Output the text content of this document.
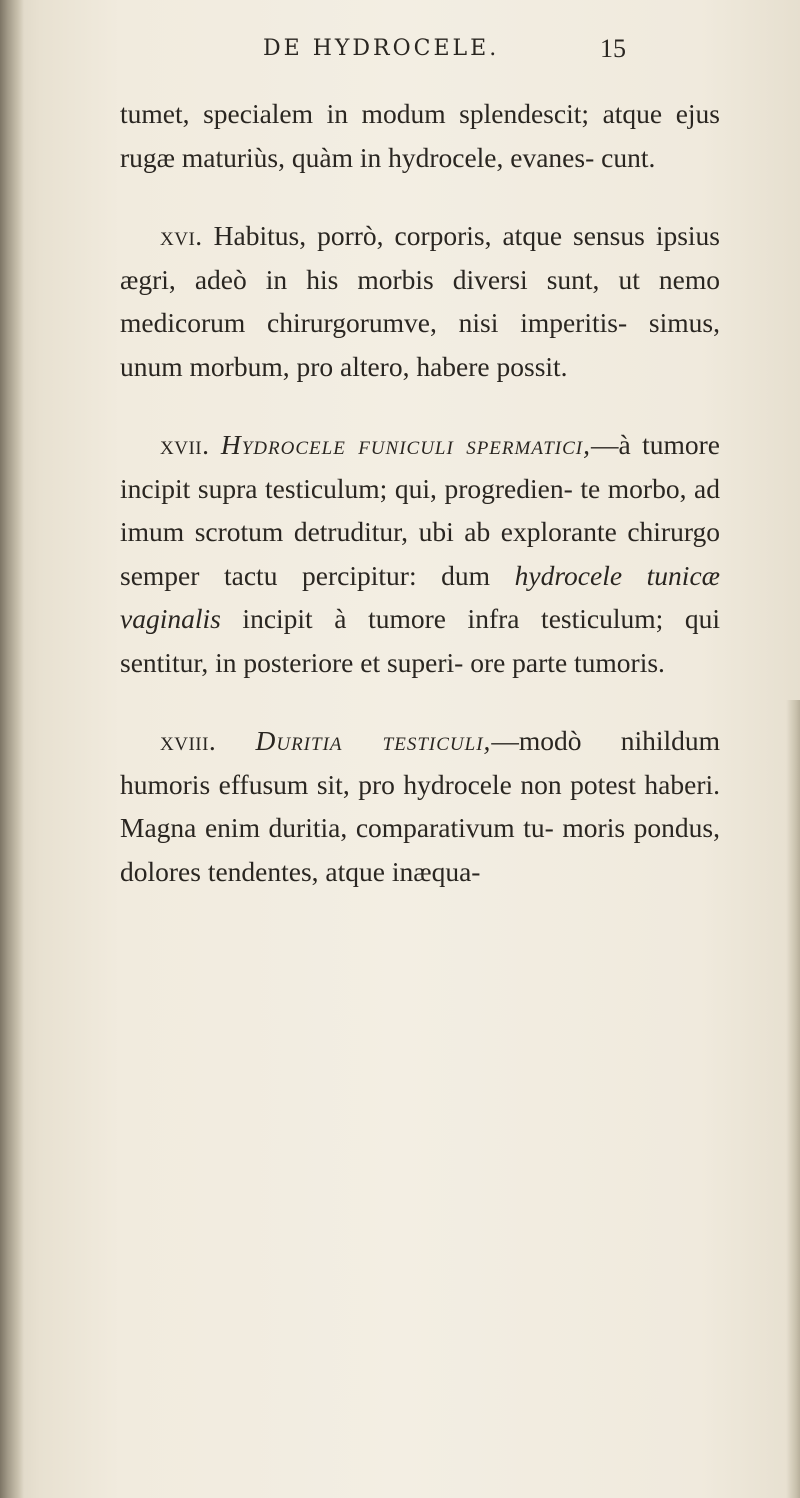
DE HYDROCELE.	15

tumet, specialem in modum splendescit; atque ejus rugæ maturiùs, quàm in hydrocele, evanes- cunt.

xvi. Habitus, porrò, corporis, atque sensus ipsius ægri, adeò in his morbis diversi sunt, ut nemo medicorum chirurgorumve, nisi imperitis- simus, unum morbum, pro altero, habere possit.

xvii. Hydrocele funiculi spermatici,—à tumore incipit supra testiculum; qui, progredien- te morbo, ad imum scrotum detruditur, ubi ab explorante chirurgo semper tactu percipitur: dum hydrocele tunicæ vaginalis incipit à tumore infra testiculum; qui sentitur, in posteriore et superi- ore parte tumoris.

xviii. Duritia testiculi,—modò nihildum humoris effusum sit, pro hydrocele non potest haberi. Magna enim duritia, comparativum tu- moris pondus, dolores tendentes, atque inæqua-
